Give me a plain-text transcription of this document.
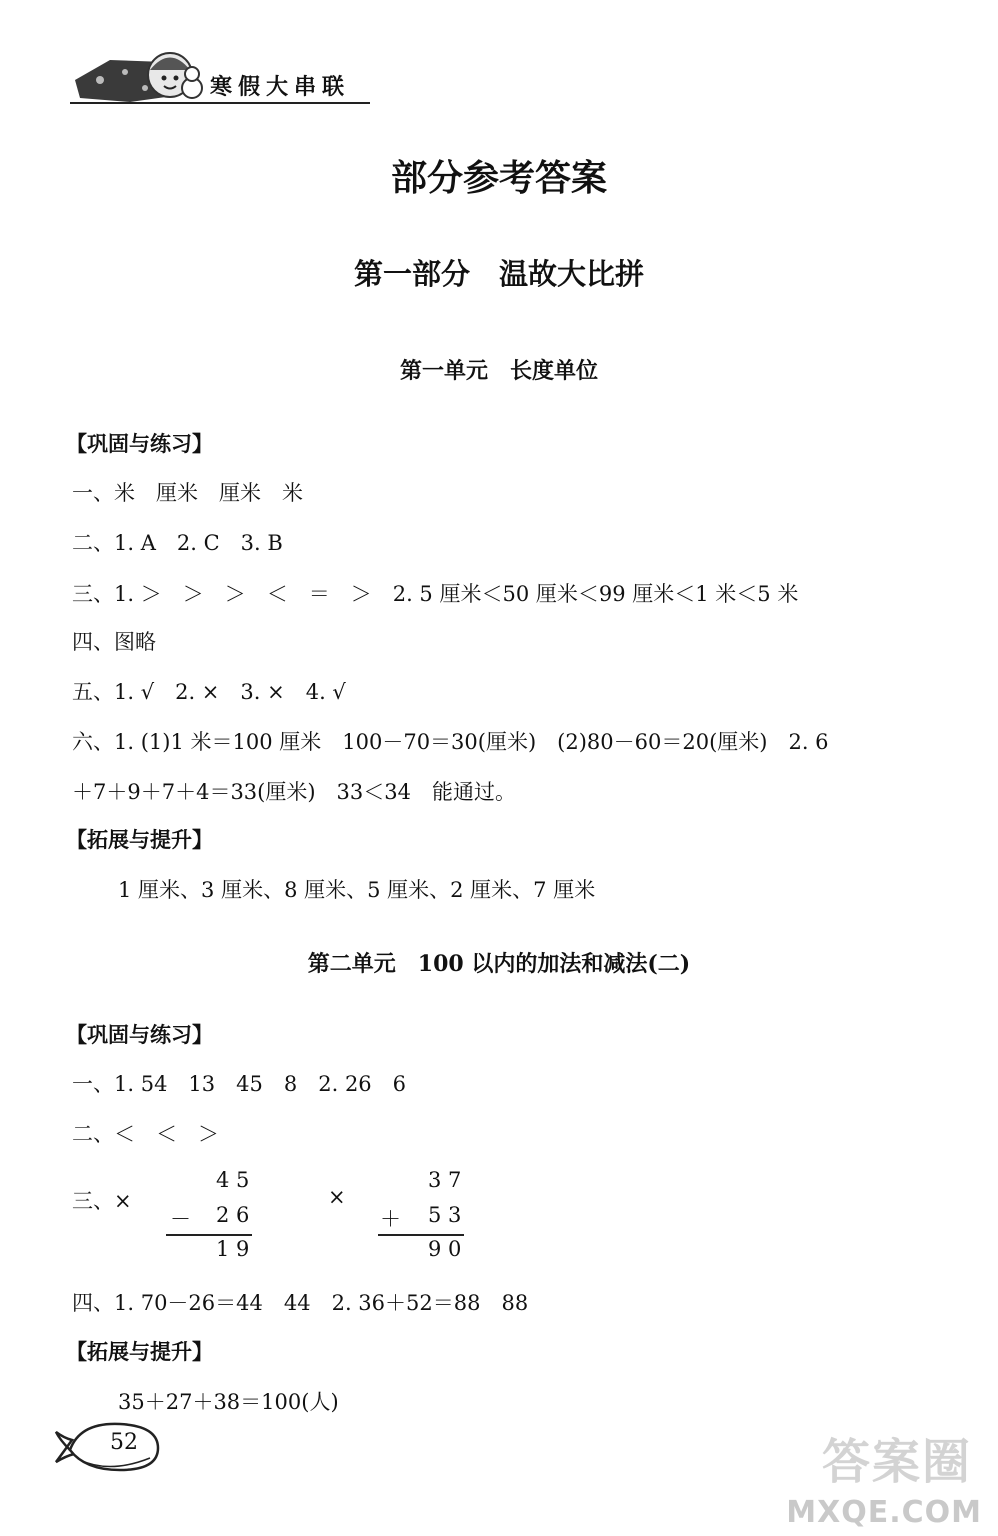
寒假大串联
部分参考答案
第一部分　温故大比拼
第一单元　长度单位
【巩固与练习】
一、米　厘米　厘米　米
二、1. A　2. C　3. B
三、1. ＞　＞　＞　＜　＝　＞　2. 5 厘米＜50 厘米＜99 厘米＜1 米＜5 米
四、图略
五、1. √　2. ×　3. ×　4. √
六、1. (1)1 米＝100 厘米　100－70＝30(厘米)　(2)80－60＝20(厘米)　2. 6
＋7＋9＋7＋4＝33(厘米)　33＜34　能通过。
【拓展与提升】
1 厘米、3 厘米、8 厘米、5 厘米、2 厘米、7 厘米
第二单元　100 以内的加法和减法(二)
【巩固与练习】
一、1. 54　13　45　8　2. 26　6
二、＜　＜　＞
三、×
4 5
－ 2 6
1 9
×
3 7
＋ 5 3
9 0
四、1. 70－26＝44　44　2. 36＋52＝88　88
【拓展与提升】
35＋27＋38＝100(人)
52	答案圈
MXQE.COM
